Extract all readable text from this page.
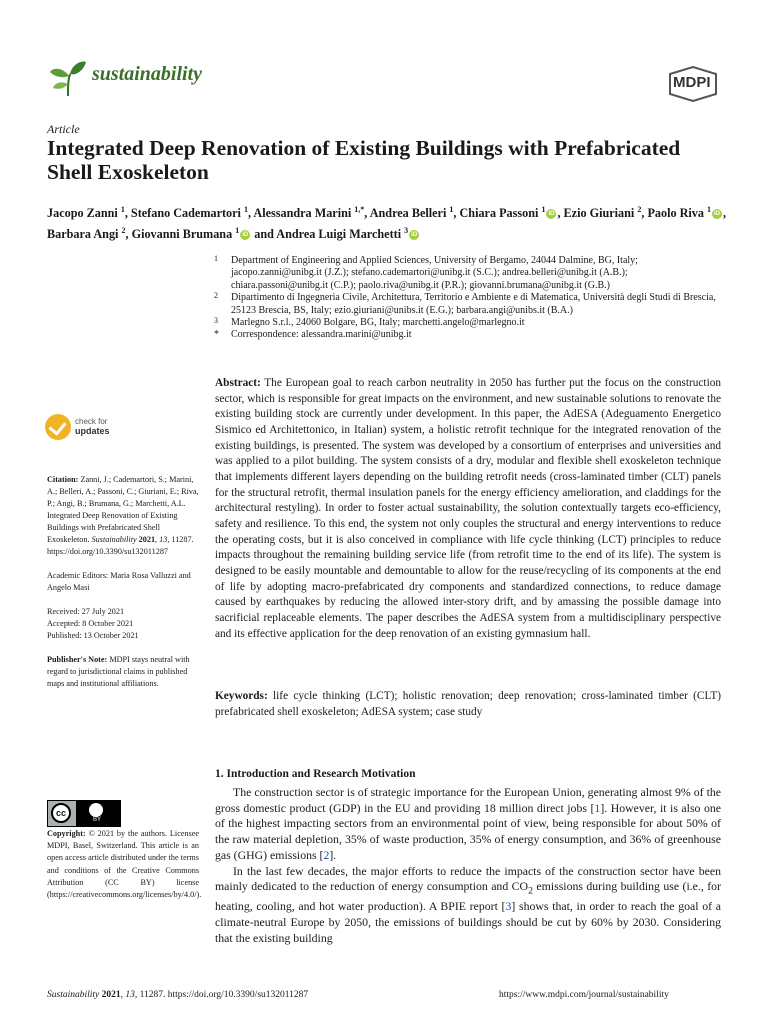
sustainability	MDPI
Article
Integrated Deep Renovation of Existing Buildings with Prefabricated Shell Exoskeleton
Jacopo Zanni $^1$, Stefano Cademartori $^1$, Alessandra Marini $^{1,*}$, Andrea Belleri $^1$, Chiara Passoni $^1$iD , Ezio Giuriani $^2$, Paolo Riva $^1$iD , Barbara Angi $^2$, Giovanni Brumana $^1$iD and Andrea Luigi Marchetti $^3$iD

1 Department of Engineering and Applied Sciences, University of Bergamo, 24044 Dalmine, BG, Italy; jacopo.zanni@unibg.it (J.Z.); stefano.cademartori@unibg.it (S.C.); andrea.belleri@unibg.it (A.B.); chiara.passoni@unibg.it (C.P.); paolo.riva@unibg.it (P.R.); giovanni.brumana@unibg.it (G.B.)

2 Dipartimento di Ingegneria Civile, Architettura, Territorio e Ambiente e di Matematica, Università degli Studi di Brescia, 25123 Brescia, BS, Italy; ezio.giuriani@unibs.it (E.G.); barbara.angi@unibs.it (B.A.)

3 Marlegno S.r.l., 24060 Bolgare, BG, Italy; marchetti.angelo@marlegno.it

* Correspondence: alessandra.marini@unibg.it

Abstract: The European goal to reach carbon neutrality in 2050 has further put the focus on the construction sector, which is responsible for great impacts on the environment, and new sustainable solutions to renovate the existing building stock are currently under development. In this paper, the AdESA (Adeguamento Energetico Sismico ed Architettonico, in Italian) system, a holistic retrofit technique for the integrated renovation of the existing buildings, is presented. The system was developed by a consortium of enterprises and universities and was applied to a pilot building. The system consists of a dry, modular and flexible shell exoskeleton technique that implements different layers depending on the building retrofit needs (cross-laminated timber (CLT) panels for the structural retrofit, thermal insulation panels for the energy efficiency amelioration, and claddings for the architectural restyling). In order to foster actual sustainability, the solution contextually targets eco-efficiency, safety and resilience. To this end, the system not only couples the structural and energy interventions to reduce the operating costs, but it is also conceived in compliance with life cycle thinking (LCT) principles to reduce impacts throughout the remaining building service life (from retrofit time to the end of its life). The system is designed to be easily mountable and demountable to allow for the reuse/recycling of its components at the end of life by adopting macro-prefabricated dry components and standardized connections, to reduce damage caused by earthquakes by reducing the allowed inter-story drift, and by amassing the possible damage into sacrificial replaceable elements. The paper describes the AdESA system from a multidisciplinary perspective and its effective application for the deep renovation of an existing gymnasium hall.
Keywords: life cycle thinking (LCT); holistic renovation; deep renovation; cross-laminated timber (CLT) prefabricated shell exoskeleton; AdESA system; case study
1. Introduction and Research Motivation

The construction sector is of strategic importance for the European Union, generating almost 9% of the gross domestic product (GDP) in the EU and providing 18 million direct jobs [1]. However, it is also one of the highest impacting sectors from an environmental point of view, being responsible for about 50% of the raw material depletion, 35% of waste production, 35% of energy consumption, and 36% of greenhouse gas (GHG) emissions [2].

In the last few decades, the major efforts to reduce the impacts of the construction sector have been mainly dedicated to the reduction of energy consumption and $CO_2$ emissions during building use (i.e., for heating, cooling, and hot water production). A BPIE report [3] shows that, in order to reach the goal of a climate-neutral Europe by 2050, the emissions of buildings should be cut by 60% by 2030. Considering that the existing building

check for
updates

Citation: Zanni, J.; Cademartori, S.; Marini, A.; Belleri, A.; Passoni, C.; Giuriani, E.; Riva, P.; Angi, B.; Brumana, G.; Marchetti, A.L. Integrated Deep Renovation of Existing Buildings with Prefabricated Shell Exoskeleton. Sustainability 2021, 13, 11287. https://doi.org/10.3390/su132011287

Academic Editors: Maria Rosa Valluzzi and Angelo Masi

Received: 27 July 2021

Accepted: 8 October 2021

Published: 13 October 2021

Publisher's Note: MDPI stays neutral with regard to jurisdictional claims in published maps and institutional affiliations.

cc
BY
Copyright: © 2021 by the authors. Licensee MDPI, Basel, Switzerland. This article is an open access article distributed under the terms and conditions of the Creative Commons Attribution (CC BY) license (https://creativecommons.org/licenses/by/4.0/).
Sustainability 2021, 13, 11287. https://doi.org/10.3390/su132011287	https://www.mdpi.com/journal/sustainability
